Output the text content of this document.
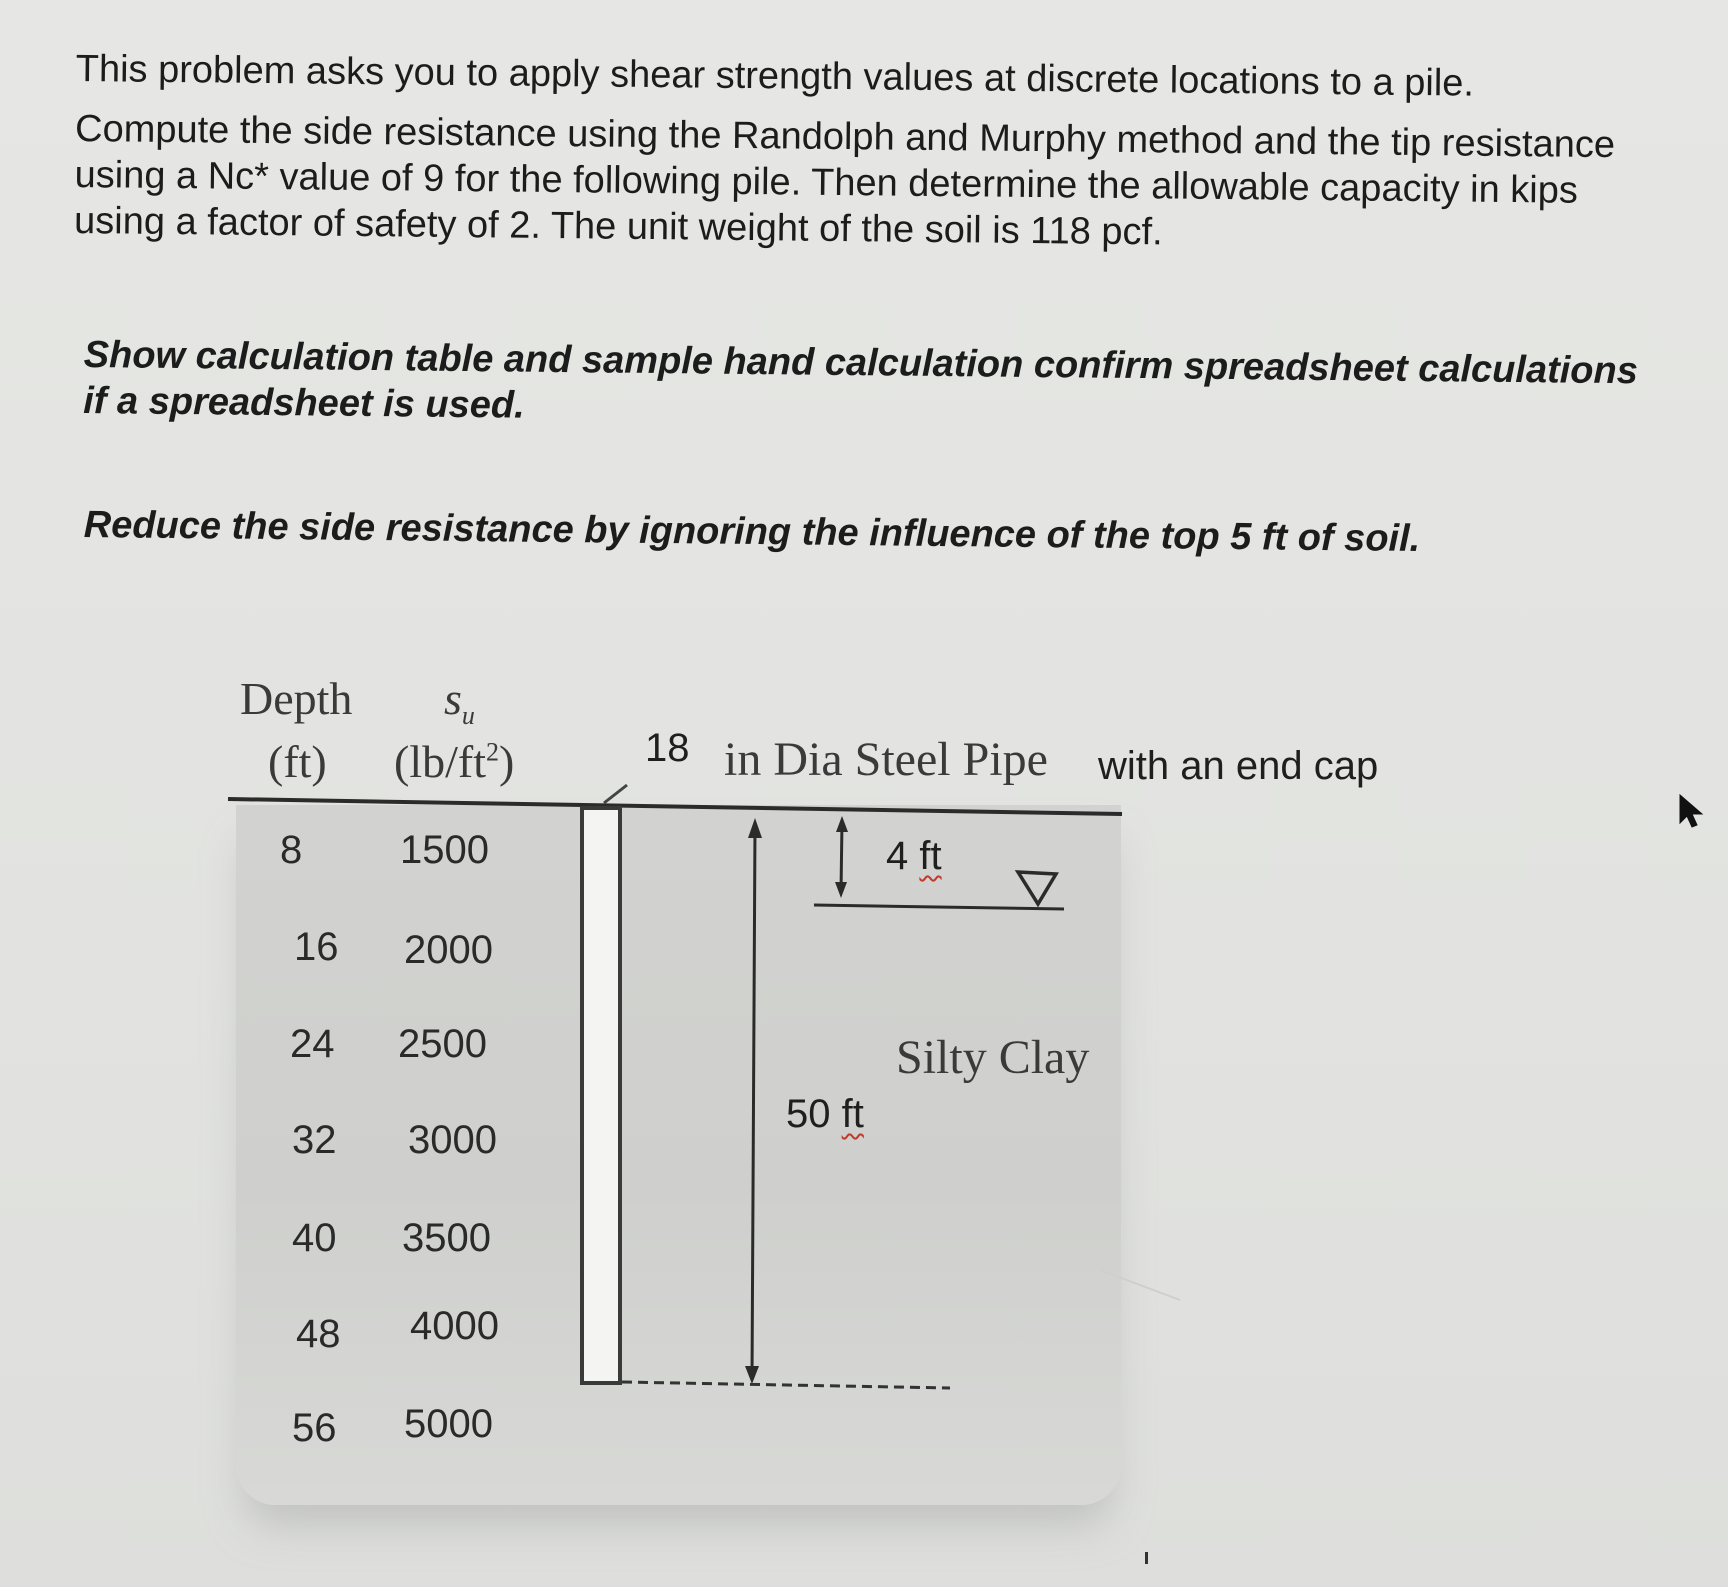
This problem asks you to apply shear strength values at discrete locations to a pile.

Compute the side resistance using the Randolph and Murphy method and the tip resistance

using a Nc* value of 9 for the following pile. Then determine the allowable capacity in kips

using a factor of safety of 2. The unit weight of the soil is 118 pcf.

Show calculation table and sample hand calculation confirm spreadsheet calculations

if a spreadsheet is used.

Reduce the side resistance by ignoring the influence of the top 5 ft of soil.

Depth
(ft)
$s_u$
$(lb/ft^2)$
8 1500
16 2000
24 2500
32 3000
40 3500
48 4000
56 5000
18 in Dia Steel Pipe with an end cap
4 ft
50 ft
Silty Clay
